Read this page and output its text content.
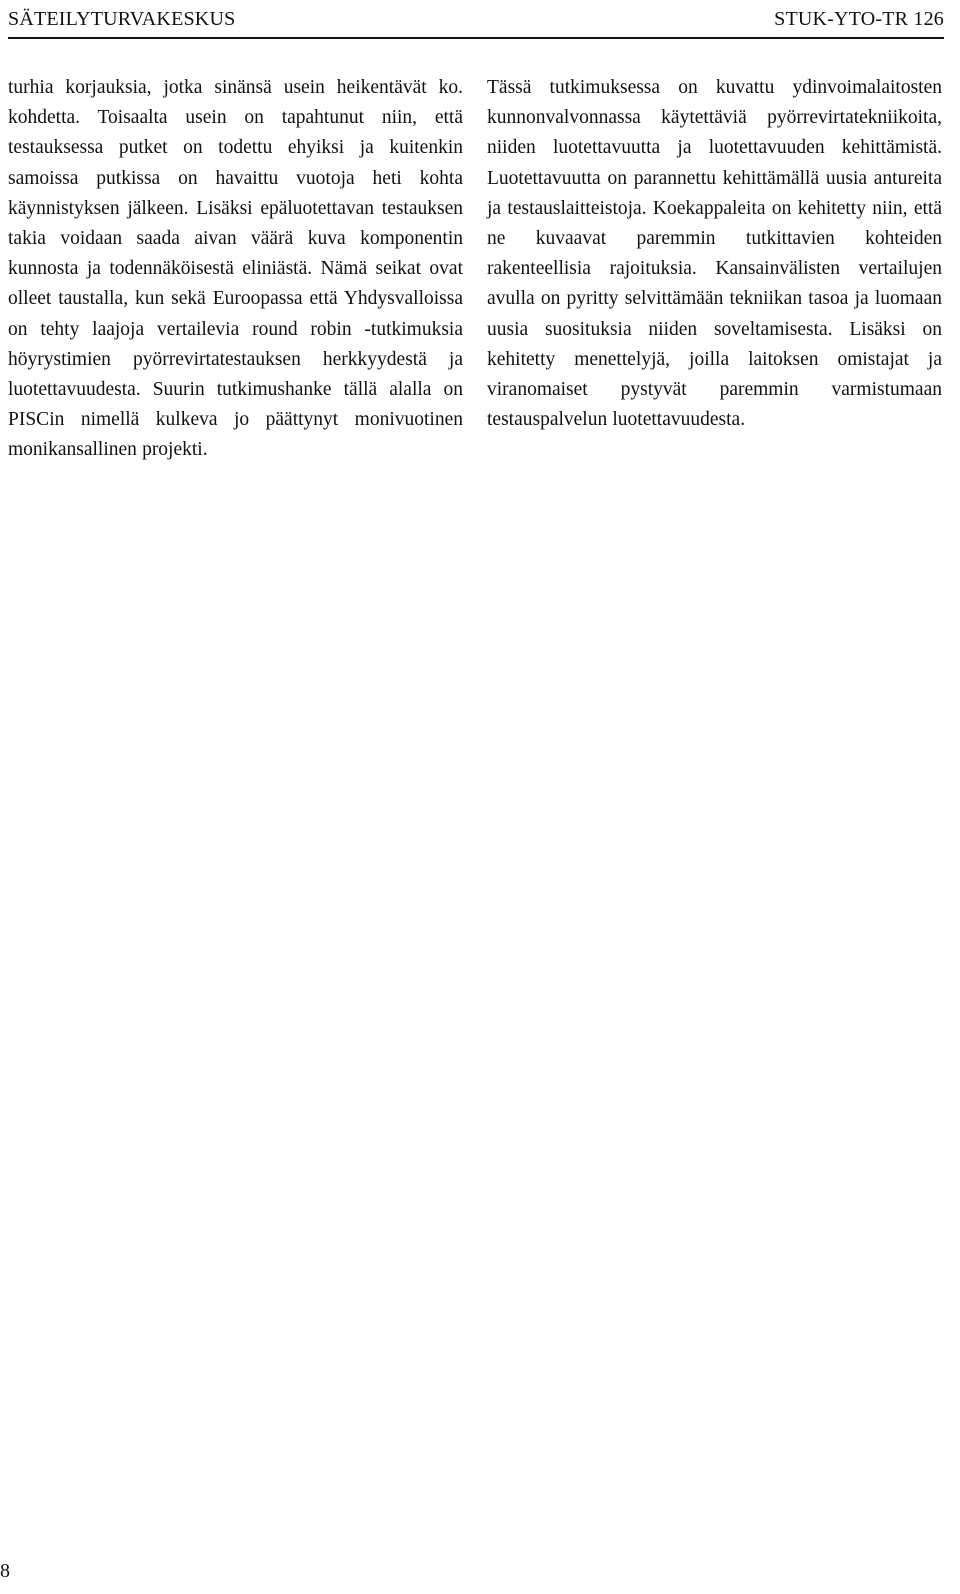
SÄTEILYTURVAKESKUS	STUK-YTO-TR 126

turhia korjauksia, jotka sinänsä usein heikentävät ko. kohdetta. Toisaalta usein on tapahtunut niin, että testauksessa putket on todettu ehyiksi ja kuitenkin samoissa putkissa on havaittu vuotoja heti kohta käynnistyksen jälkeen. Lisäksi epäluotettavan testauksen takia voidaan saada aivan väärä kuva komponentin kunnosta ja todennäköisestä eliniästä. Nämä seikat ovat olleet taustalla, kun sekä Euroopassa että Yhdysvalloissa on tehty laajoja vertailevia round robin -tutkimuksia höyrystimien pyörrevirtatestauksen herkkyydestä ja luotettavuudesta. Suurin tutkimushanke tällä alalla on PISCin nimellä kulkeva jo päättynyt monivuotinen monikansallinen projekti.

Tässä tutkimuksessa on kuvattu ydinvoimalaitosten kunnonvalvonnassa käytettäviä pyörrevirtatekniikoita, niiden luotettavuutta ja luotettavuuden kehittämistä. Luotettavuutta on parannettu kehittämällä uusia antureita ja testauslaitteistoja. Koekappaleita on kehitetty niin, että ne kuvaavat paremmin tutkittavien kohteiden rakenteellisia rajoituksia. Kansainvälisten vertailujen avulla on pyritty selvittämään tekniikan tasoa ja luomaan uusia suosituksia niiden soveltamisesta. Lisäksi on kehitetty menettelyjä, joilla laitoksen omistajat ja viranomaiset pystyvät paremmin varmistumaan testauspalvelun luotettavuudesta.

8
